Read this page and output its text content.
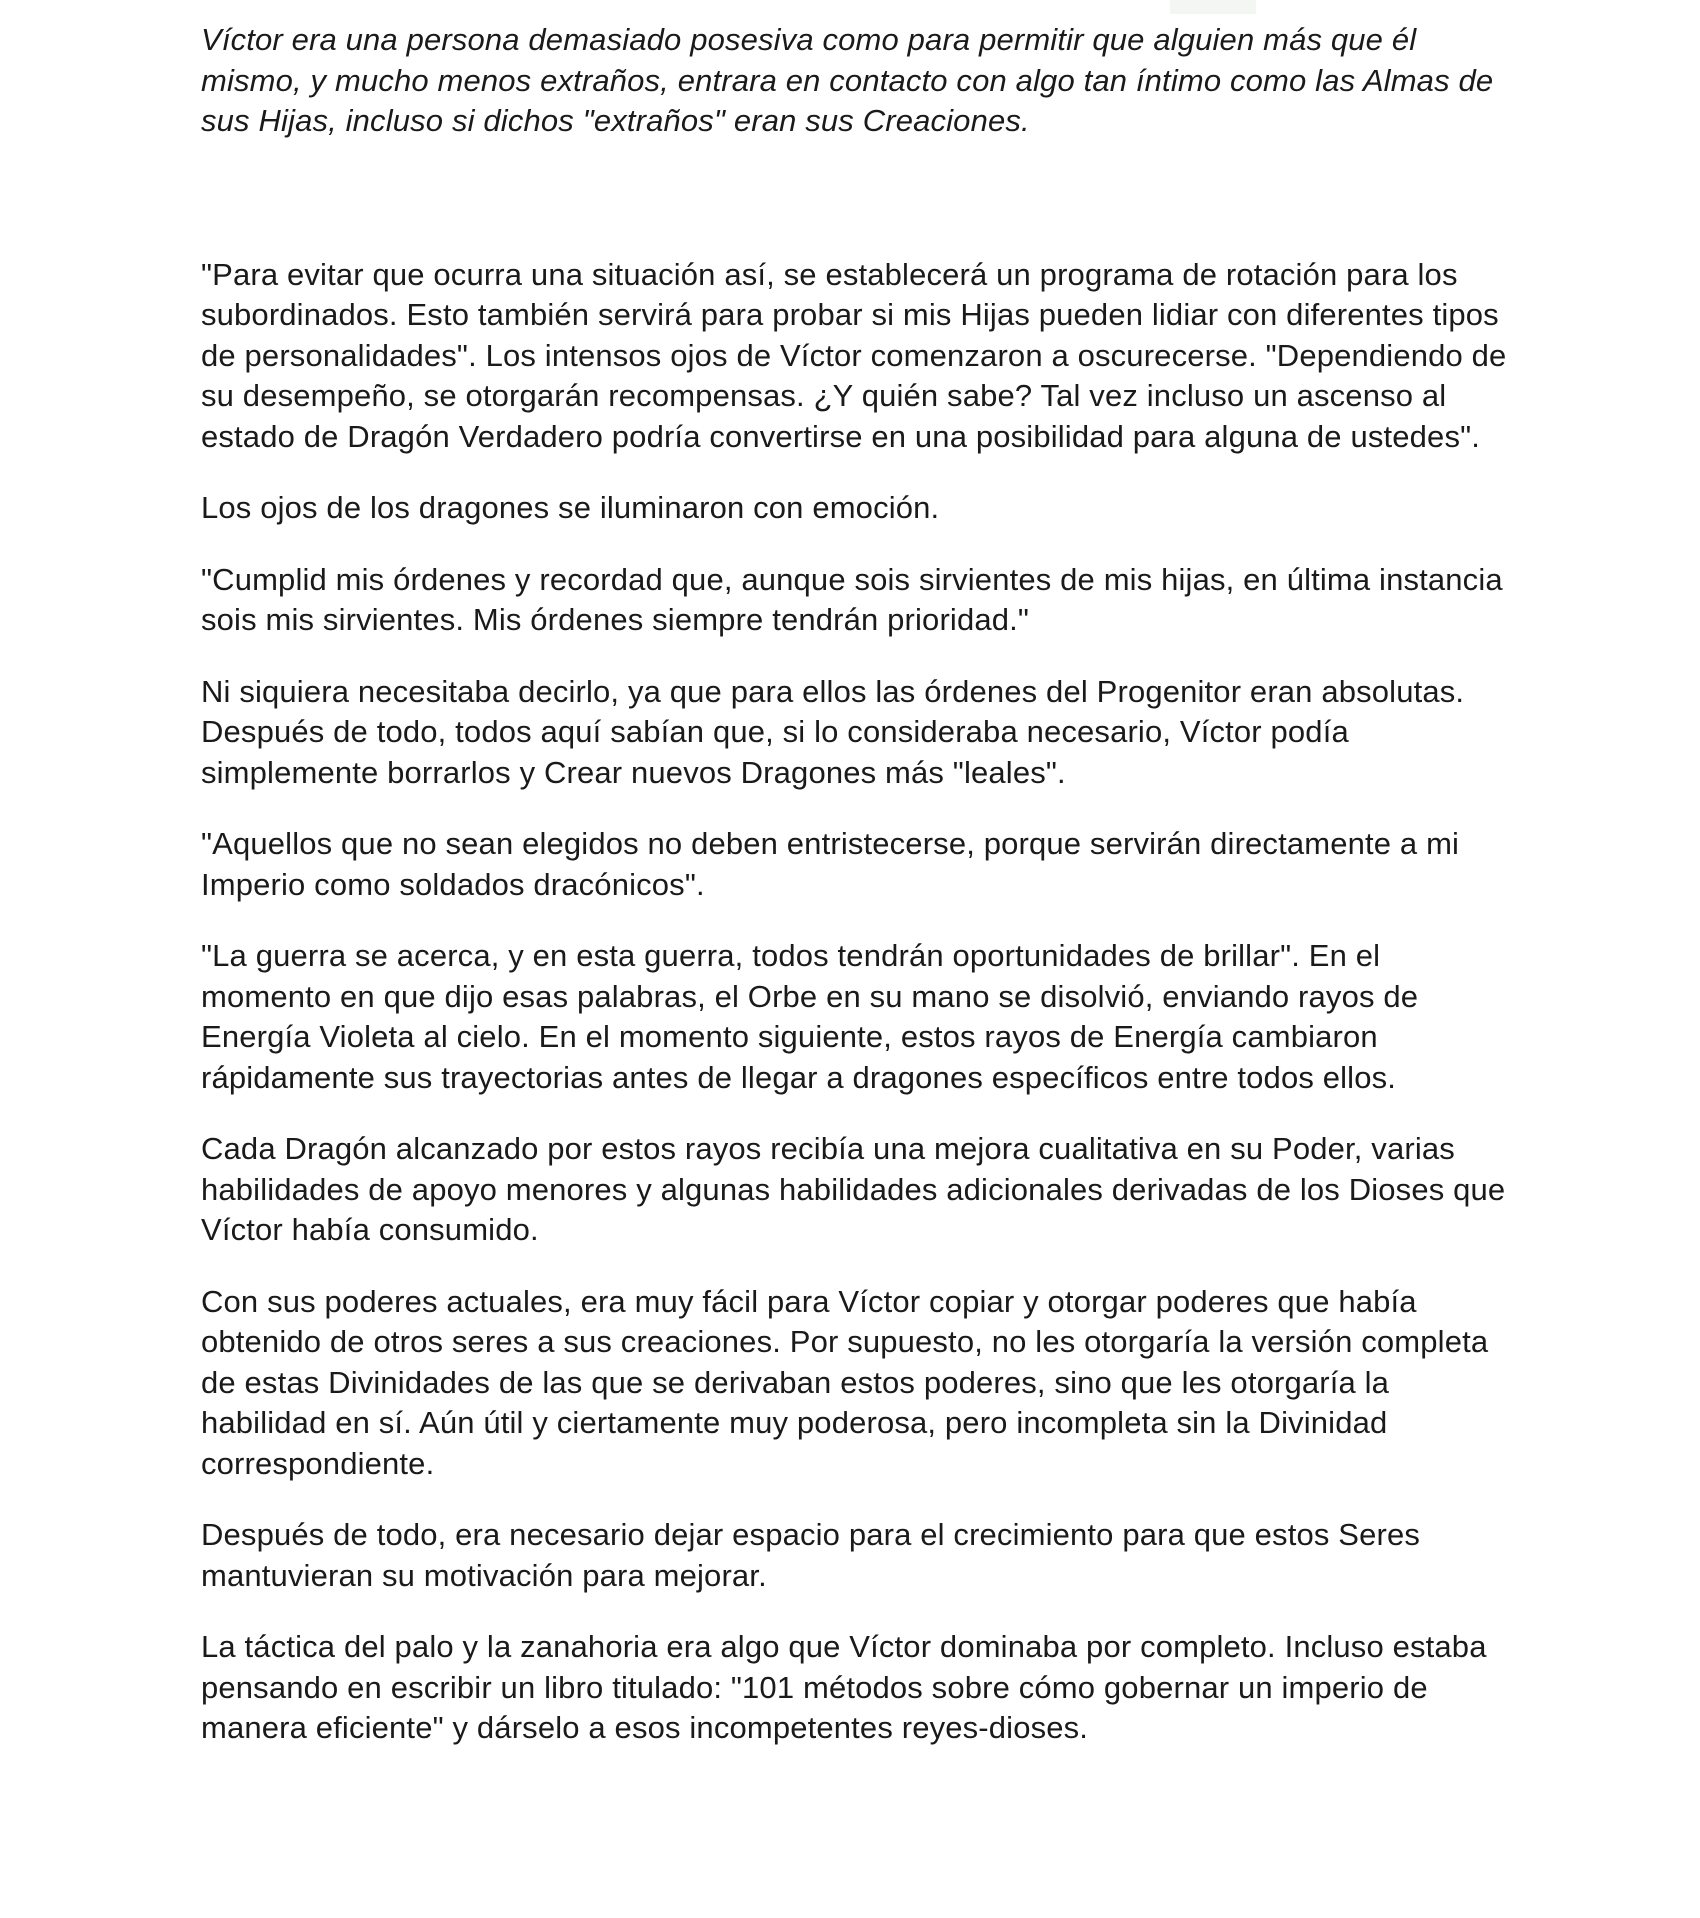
Víctor era una persona demasiado posesiva como para permitir que alguien más que él mismo, y mucho menos extraños, entrara en contacto con algo tan íntimo como las Almas de sus Hijas, incluso si dichos "extraños" eran sus Creaciones.

"Para evitar que ocurra una situación así, se establecerá un programa de rotación para los subordinados. Esto también servirá para probar si mis Hijas pueden lidiar con diferentes tipos de personalidades". Los intensos ojos de Víctor comenzaron a oscurecerse. "Dependiendo de su desempeño, se otorgarán recompensas. ¿Y quién sabe? Tal vez incluso un ascenso al estado de Dragón Verdadero podría convertirse en una posibilidad para alguna de ustedes".

Los ojos de los dragones se iluminaron con emoción.

"Cumplid mis órdenes y recordad que, aunque sois sirvientes de mis hijas, en última instancia sois mis sirvientes. Mis órdenes siempre tendrán prioridad."

Ni siquiera necesitaba decirlo, ya que para ellos las órdenes del Progenitor eran absolutas. Después de todo, todos aquí sabían que, si lo consideraba necesario, Víctor podía simplemente borrarlos y Crear nuevos Dragones más "leales".

"Aquellos que no sean elegidos no deben entristecerse, porque servirán directamente a mi Imperio como soldados dracónicos".

"La guerra se acerca, y en esta guerra, todos tendrán oportunidades de brillar". En el momento en que dijo esas palabras, el Orbe en su mano se disolvió, enviando rayos de Energía Violeta al cielo. En el momento siguiente, estos rayos de Energía cambiaron rápidamente sus trayectorias antes de llegar a dragones específicos entre todos ellos.

Cada Dragón alcanzado por estos rayos recibía una mejora cualitativa en su Poder, varias habilidades de apoyo menores y algunas habilidades adicionales derivadas de los Dioses que Víctor había consumido.

Con sus poderes actuales, era muy fácil para Víctor copiar y otorgar poderes que había obtenido de otros seres a sus creaciones. Por supuesto, no les otorgaría la versión completa de estas Divinidades de las que se derivaban estos poderes, sino que les otorgaría la habilidad en sí. Aún útil y ciertamente muy poderosa, pero incompleta sin la Divinidad correspondiente.

Después de todo, era necesario dejar espacio para el crecimiento para que estos Seres mantuvieran su motivación para mejorar.

La táctica del palo y la zanahoria era algo que Víctor dominaba por completo. Incluso estaba pensando en escribir un libro titulado: "101 métodos sobre cómo gobernar un imperio de manera eficiente" y dárselo a esos incompetentes reyes-dioses.
